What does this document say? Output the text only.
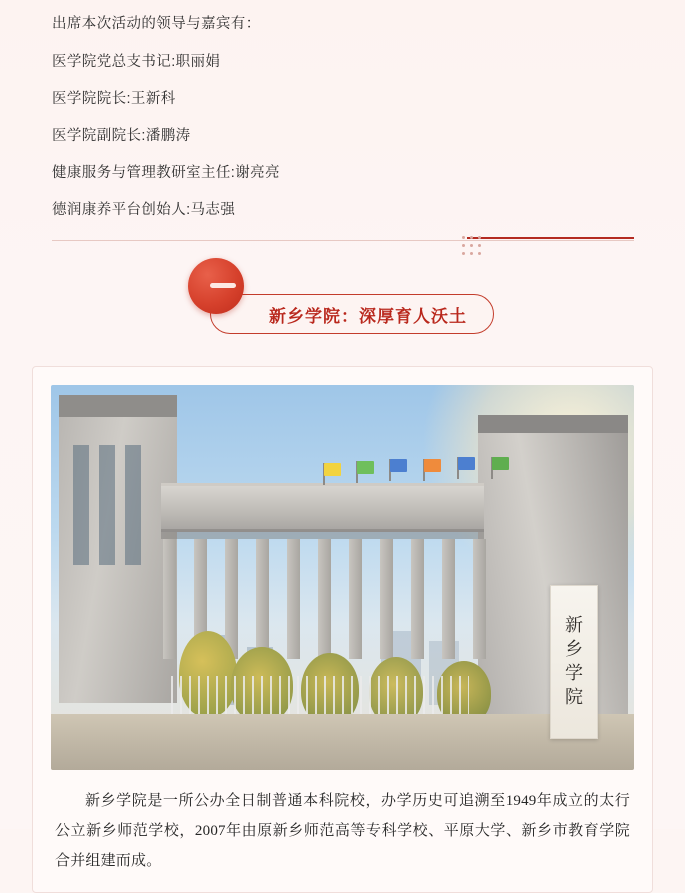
出席本次活动的领导与嘉宾有：

医学院党总支书记:职丽娟

医学院院长:王新科

医学院副院长:潘鹏涛

健康服务与管理教研室主任:谢亮亮

德润康养平台创始人:马志强

新乡学院：深厚育人沃土
新
乡
学
院

新乡学院是一所公办全日制普通本科院校，办学历史可追溯至1949年成立的太行公立新乡师范学校，2007年由原新乡师范高等专科学校、平原大学、新乡市教育学院合并组建而成。
